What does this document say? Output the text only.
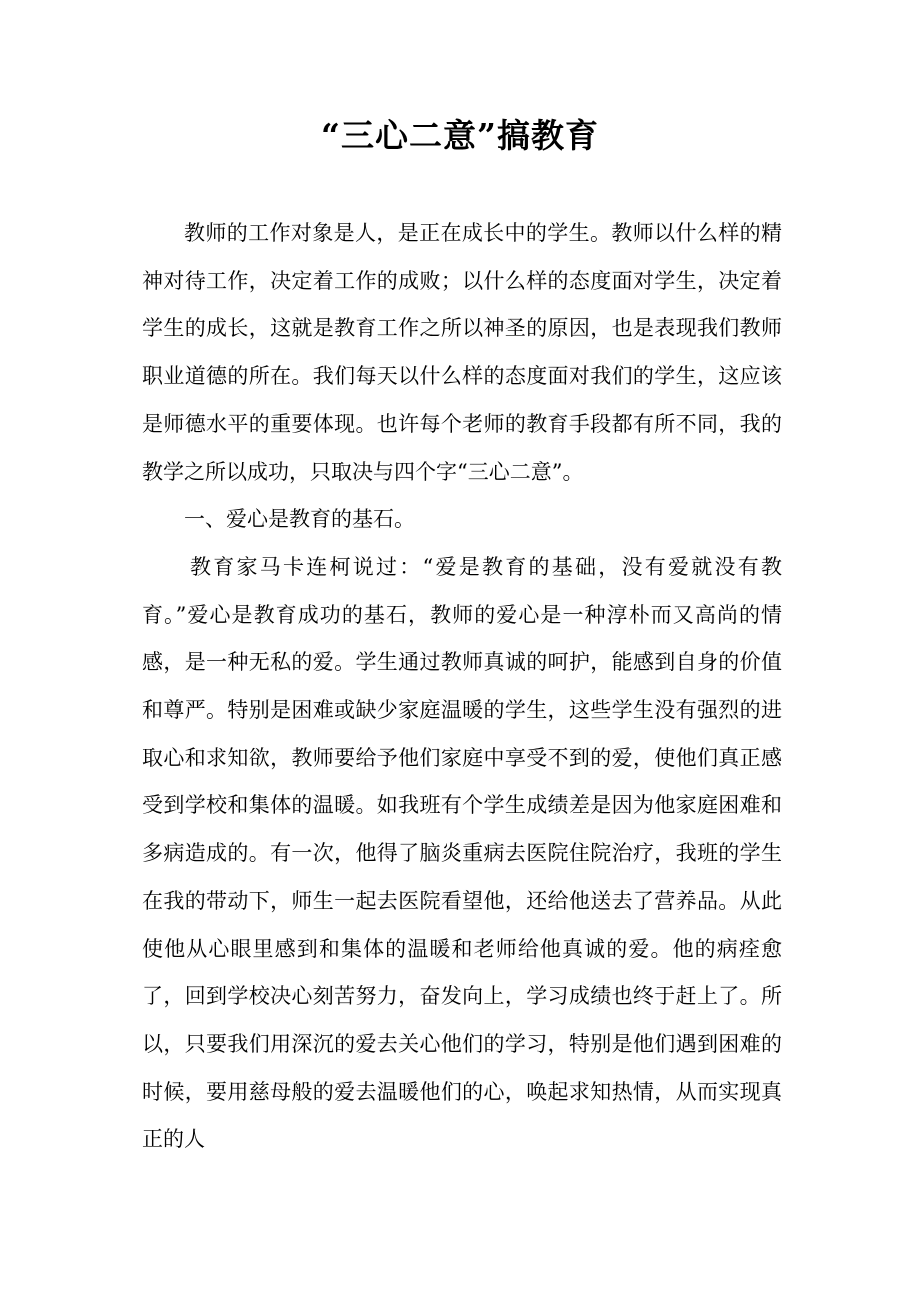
“三心二意”搞教育

教师的工作对象是人，是正在成长中的学生。教师以什么样的精神对待工作，决定着工作的成败；以什么样的态度面对学生，决定着学生的成长，这就是教育工作之所以神圣的原因，也是表现我们教师职业道德的所在。我们每天以什么样的态度面对我们的学生，这应该是师德水平的重要体现。也许每个老师的教育手段都有所不同，我的教学之所以成功，只取决与四个字“三心二意”。

一、爱心是教育的基石。

教育家马卡连柯说过：“爱是教育的基础，没有爱就没有教育。”爱心是教育成功的基石，教师的爱心是一种淳朴而又高尚的情感，是一种无私的爱。学生通过教师真诚的呵护，能感到自身的价值和尊严。特别是困难或缺少家庭温暖的学生，这些学生没有强烈的进取心和求知欲，教师要给予他们家庭中享受不到的爱，使他们真正感受到学校和集体的温暖。如我班有个学生成绩差是因为他家庭困难和多病造成的。有一次，他得了脑炎重病去医院住院治疗，我班的学生在我的带动下，师生一起去医院看望他，还给他送去了营养品。从此使他从心眼里感到和集体的温暖和老师给他真诚的爱。他的病痊愈了，回到学校决心刻苦努力，奋发向上，学习成绩也终于赶上了。所以，只要我们用深沉的爱去关心他们的学习，特别是他们遇到困难的时候，要用慈母般的爱去温暖他们的心，唤起求知热情，从而实现真正的人
